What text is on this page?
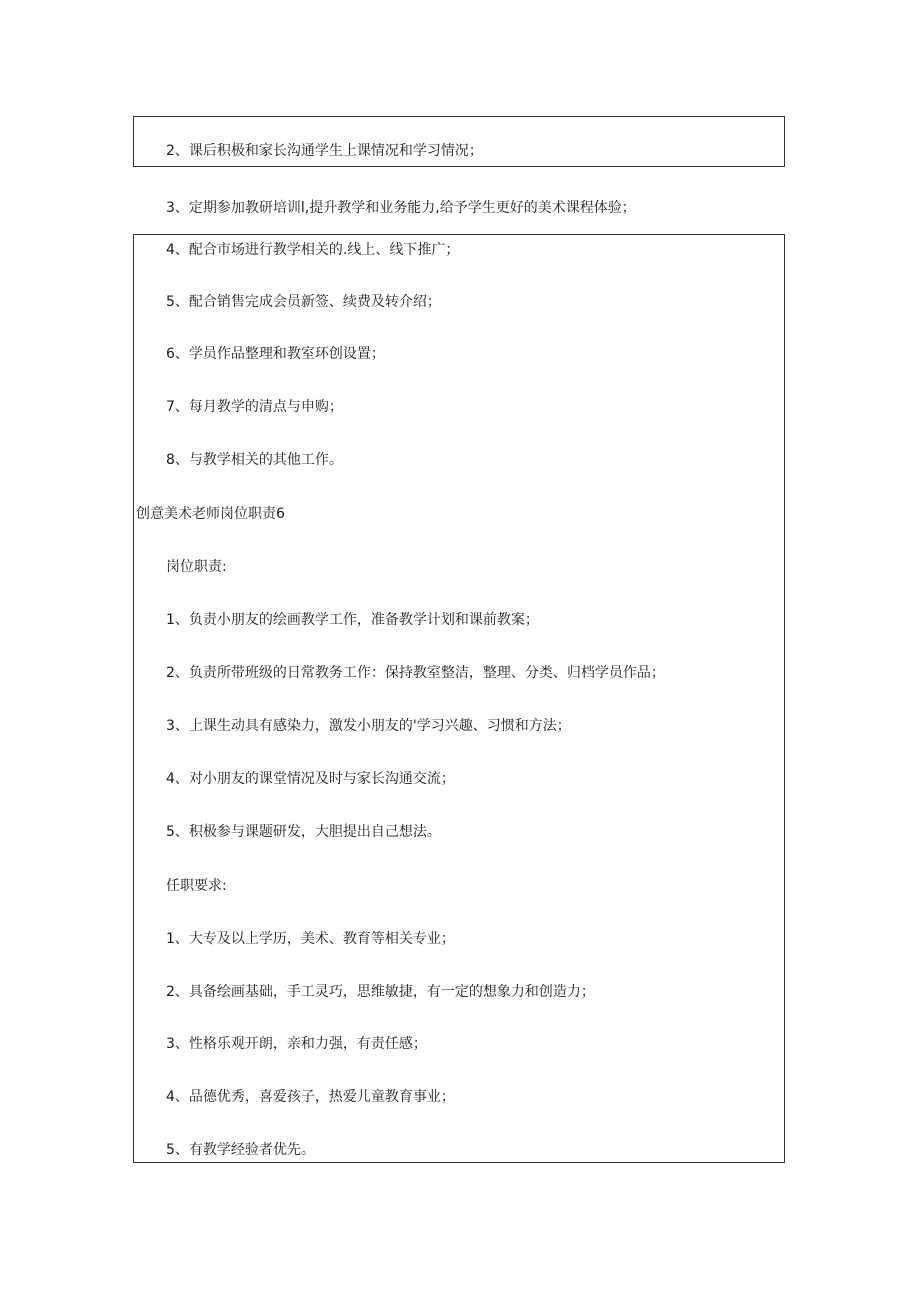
2、课后积极和家长沟通学生上课情况和学习情况；
3、定期参加教研培训l,提升教学和业务能力,给予学生更好的美术课程体验；
4、配合市场进行教学相关的.线上、线下推广；
5、配合销售完成会员新签、续费及转介绍；
6、学员作品整理和教室环创设置；
7、每月教学的清点与申购；
8、与教学相关的其他工作。
创意美术老师岗位职责6
岗位职责:
1、负责小朋友的绘画教学工作，准备教学计划和课前教案；
2、负责所带班级的日常教务工作：保持教室整洁，整理、分类、归档学员作品；
3、上课生动具有感染力，激发小朋友的'学习兴趣、习惯和方法；
4、对小朋友的课堂情况及时与家长沟通交流；
5、积极参与课题研发，大胆提出自己想法。
任职要求:
1、大专及以上学历，美术、教育等相关专业；
2、具备绘画基础，手工灵巧，思维敏捷，有一定的想象力和创造力；
3、性格乐观开朗，亲和力强，有责任感；
4、品德优秀，喜爱孩子，热爱儿童教育事业；
5、有教学经验者优先。
